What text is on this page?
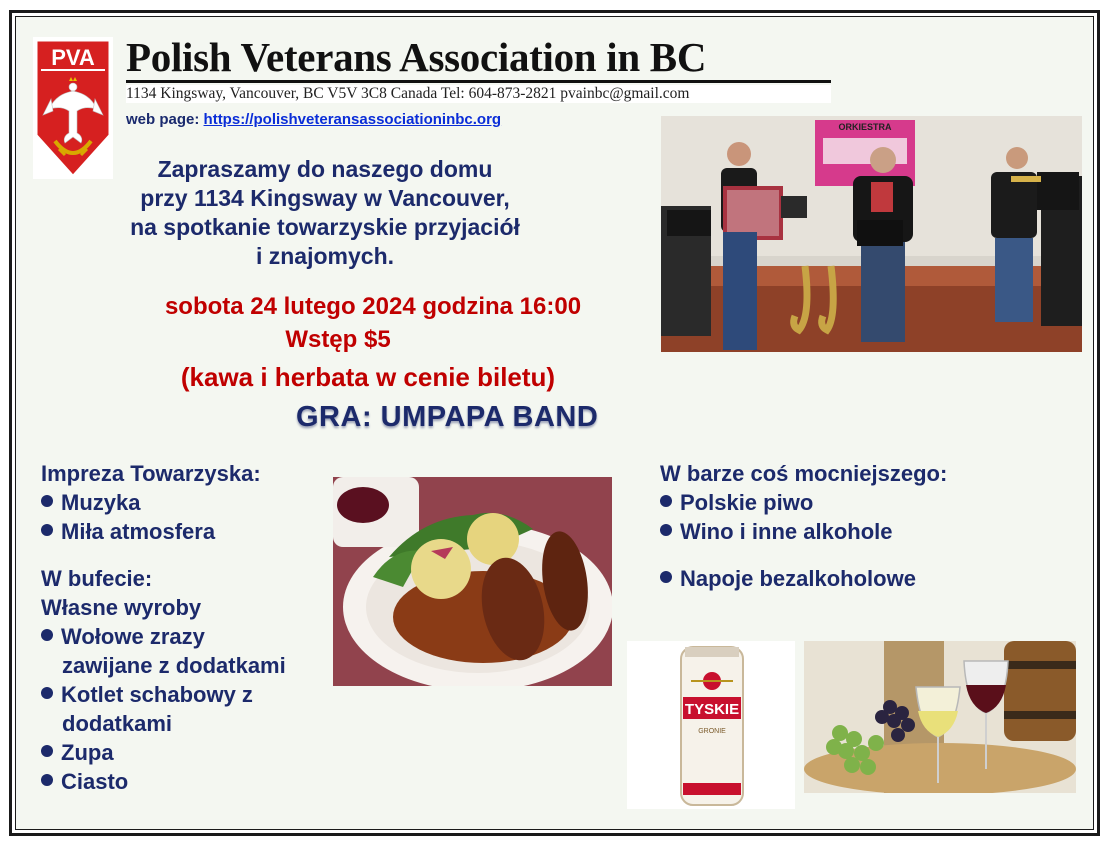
PVA Polish Veterans Association in BC
1134 Kingsway, Vancouver, BC V5V 3C8 Canada Tel: 604-873-2821 pvainbc@gmail.com
web page: https://polishveteransassociationinbc.org
Zapraszamy do naszego domu
przy 1134 Kingsway w Vancouver,
na spotkanie towarzyskie przyjaciół
i znajomych.
sobota 24 lutego 2024 godzina 16:00
Wstęp $5
(kawa i herbata w cenie biletu)
GRA: UMPAPA BAND
ORKIESTRA
Impreza Towarzyska:
Muzyka
Miła atmosfera
W bufecie:
Własne wyroby
Wołowe zrazy
zawijane z dodatkami
Kotlet schabowy z
dodatkami
Zupa
Ciasto
W barze coś mocniejszego:
Polskie piwo
Wino i inne alkohole
Napoje bezalkoholowe
TYSKIE
GRONIE
